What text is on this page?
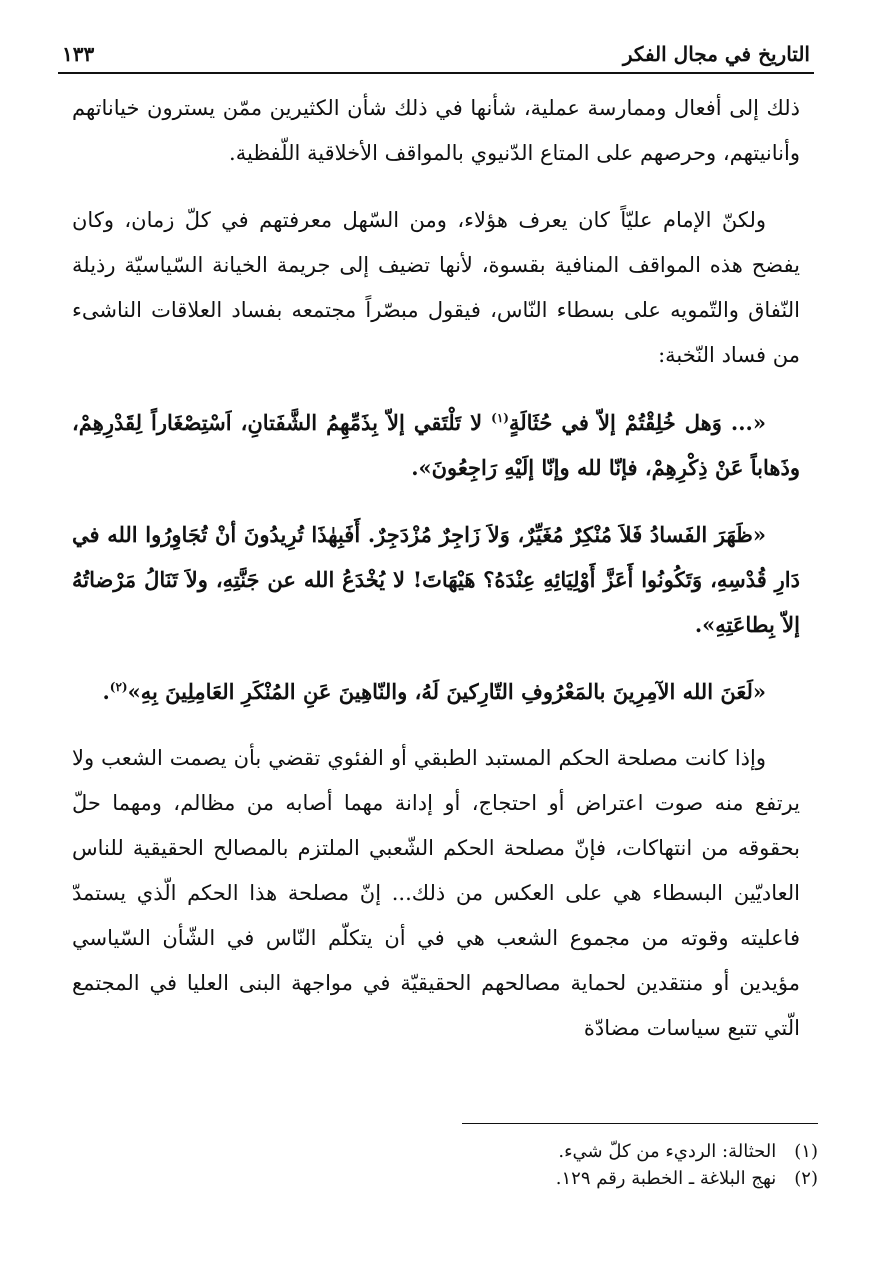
التاريخ في مجال الفكر
١٣٣

ذلك إلى أفعال وممارسة عملية، شأنها في ذلك شأن الكثيرين ممّن يسترون خياناتهم وأنانيتهم، وحرصهم على المتاع الدّنيوي بالمواقف الأخلاقية اللّفظية.

ولكنّ الإمام عليّاً كان يعرف هؤلاء، ومن السّهل معرفتهم في كلّ زمان، وكان يفضح هذه المواقف المنافية بقسوة، لأنها تضيف إلى جريمة الخيانة السّياسيّة رذيلة النّفاق والتّمويه على بسطاء النّاس، فيقول مبصّراً مجتمعه بفساد العلاقات الناشىء من فساد النّخبة:

«... وَهل خُلِقْتُمْ إلاّ في حُثَالَةٍ$^{(١)}$ لا تَلْتَقي إلاّ بِذَمِّهِمُ الشَّفَتانِ، اَسْتِصْغَاراً لِقَدْرِهِمْ، وذَهاباً عَنْ ذِكْرِهِمْ، فإنّا لله وإنّا إلَيْهِ رَاجِعُونَ».

«ظَهَرَ الفَسادُ فَلاَ مُنْكِرٌ مُغَيِّرٌ، وَلاَ زَاجِرٌ مُزْدَجِرٌ. أَفَبِهٰذَا تُرِيدُونَ أنْ تُجَاوِرُوا الله في دَارِ قُدْسِهِ، وَتَكُونُوا أَعَزَّ أَوْلِيَائِهِ عِنْدَهُ؟ هَيْهَاتَ! لا يُخْدَعُ الله عن جَنَّتِهِ، ولاَ تَنَالُ مَرْضاتُهُ إلاّ بِطاعَتِهِ».

«لَعَنَ الله الآمِرِينَ بالمَعْرُوفِ التّارِكينَ لَهُ، والنّاهِينَ عَنِ المُنْكَرِ العَامِلِينَ بِهِ»$^{(٢)}$.

وإذا كانت مصلحة الحكم المستبد الطبقي أو الفئوي تقضي بأن يصمت الشعب ولا يرتفع منه صوت اعتراض أو احتجاج، أو إدانة مهما أصابه من مظالم، ومهما حلّ بحقوقه من انتهاكات، فإنّ مصلحة الحكم الشّعبي الملتزم بالمصالح الحقيقية للناس العاديّين البسطاء هي على العكس من ذلك... إنّ مصلحة هذا الحكم الّذي يستمدّ فاعليته وقوته من مجموع الشعب هي في أن يتكلّم النّاس في الشّأن السّياسي مؤيدين أو منتقدين لحماية مصالحهم الحقيقيّة في مواجهة البنى العليا في المجتمع الّتي تتبع سياسات مضادّة

(١)
الحثالة: الرديء من كلّ شيء.
(٢)
نهج البلاغة ـ الخطبة رقم ١٢٩.
